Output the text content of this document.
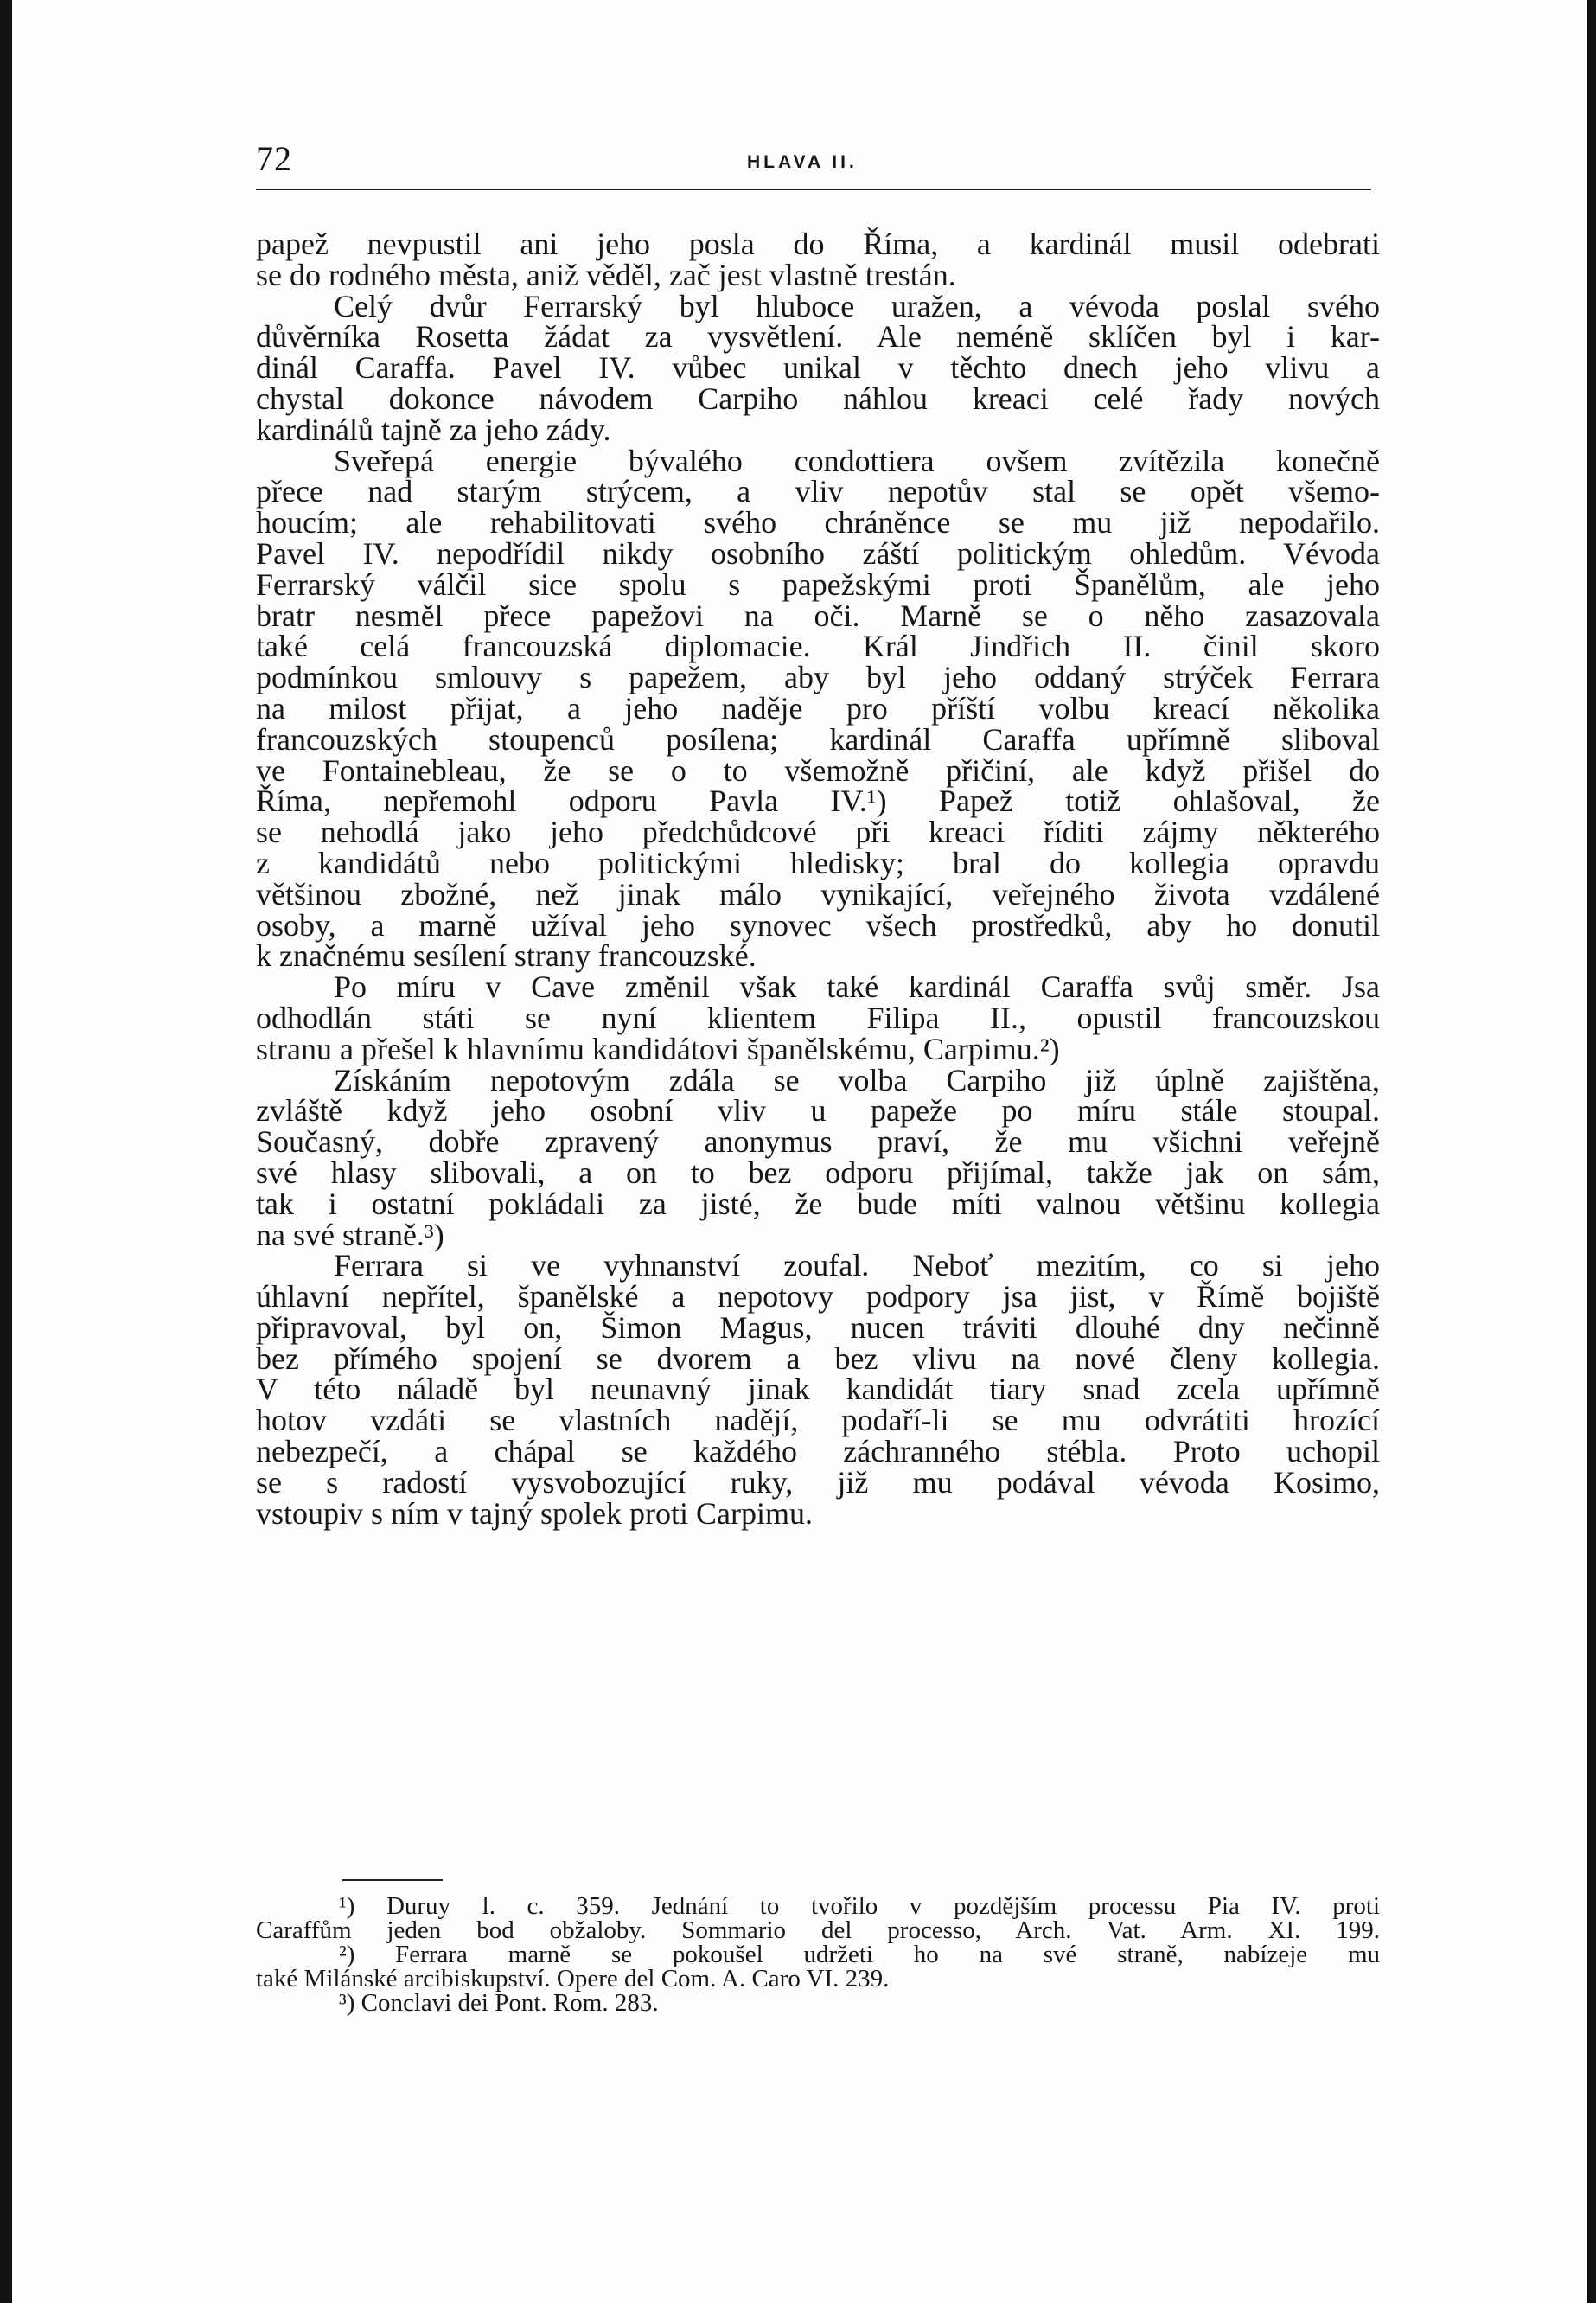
72	HLAVA II.
papež nevpustil ani jeho posla do Říma, a kardinál musil odebrati
se do rodného města, aniž věděl, zač jest vlastně trestán.
Celý dvůr Ferrarský byl hluboce uražen, a vévoda poslal svého
důvěrníka Rosetta žádat za vysvětlení. Ale neméně sklíčen byl i kar-
dinál Caraffa. Pavel IV. vůbec unikal v těchto dnech jeho vlivu a
chystal dokonce návodem Carpiho náhlou kreaci celé řady nových
kardinálů tajně za jeho zády.
Sveřepá energie bývalého condottiera ovšem zvítězila konečně
přece nad starým strýcem, a vliv nepotův stal se opět všemo-
houcím; ale rehabilitovati svého chráněnce se mu již nepodařilo.
Pavel IV. nepodřídil nikdy osobního záští politickým ohledům. Vévoda
Ferrarský válčil sice spolu s papežskými proti Španělům, ale jeho
bratr nesměl přece papežovi na oči. Marně se o něho zasazovala
také celá francouzská diplomacie. Král Jindřich II. činil skoro
podmínkou smlouvy s papežem, aby byl jeho oddaný strýček Ferrara
na milost přijat, a jeho naděje pro příští volbu kreací několika
francouzských stoupenců posílena; kardinál Caraffa upřímně sliboval
ve Fontainebleau, že se o to všemožně přičiní, ale když přišel do
Říma, nepřemohl odporu Pavla IV.¹) Papež totiž ohlašoval, že
se nehodlá jako jeho předchůdcové při kreaci říditi zájmy některého
z kandidátů nebo politickými hledisky; bral do kollegia opravdu
většinou zbožné, než jinak málo vynikající, veřejného života vzdálené
osoby, a marně užíval jeho synovec všech prostředků, aby ho donutil
k značnému sesílení strany francouzské.
Po míru v Cave změnil však také kardinál Caraffa svůj směr. Jsa
odhodlán státi se nyní klientem Filipa II., opustil francouzskou
stranu a přešel k hlavnímu kandidátovi španělskému, Carpimu.²)
Získáním nepotovým zdála se volba Carpiho již úplně zajištěna,
zvláště když jeho osobní vliv u papeže po míru stále stoupal.
Současný, dobře zpravený anonymus praví, že mu všichni veřejně
své hlasy slibovali, a on to bez odporu přijímal, takže jak on sám,
tak i ostatní pokládali za jisté, že bude míti valnou většinu kollegia
na své straně.³)
Ferrara si ve vyhnanství zoufal. Neboť mezitím, co si jeho
úhlavní nepřítel, španělské a nepotovy podpory jsa jist, v Římě bojiště
připravoval, byl on, Šimon Magus, nucen tráviti dlouhé dny nečinně
bez přímého spojení se dvorem a bez vlivu na nové členy kollegia.
V této náladě byl neunavný jinak kandidát tiary snad zcela upřímně
hotov vzdáti se vlastních nadějí, podaří-li se mu odvrátiti hrozící
nebezpečí, a chápal se každého záchranného stébla. Proto uchopil
se s radostí vysvobozující ruky, již mu podával vévoda Kosimo,
vstoupiv s ním v tajný spolek proti Carpimu.
¹) Duruy l. c. 359. Jednání to tvořilo v pozdějším processu Pia IV. proti
Caraffům jeden bod obžaloby. Sommario del processo, Arch. Vat. Arm. XI. 199.
²) Ferrara marně se pokoušel udržeti ho na své straně, nabízeje mu
také Milánské arcibiskupství. Opere del Com. A. Caro VI. 239.
³) Conclavi dei Pont. Rom. 283.
